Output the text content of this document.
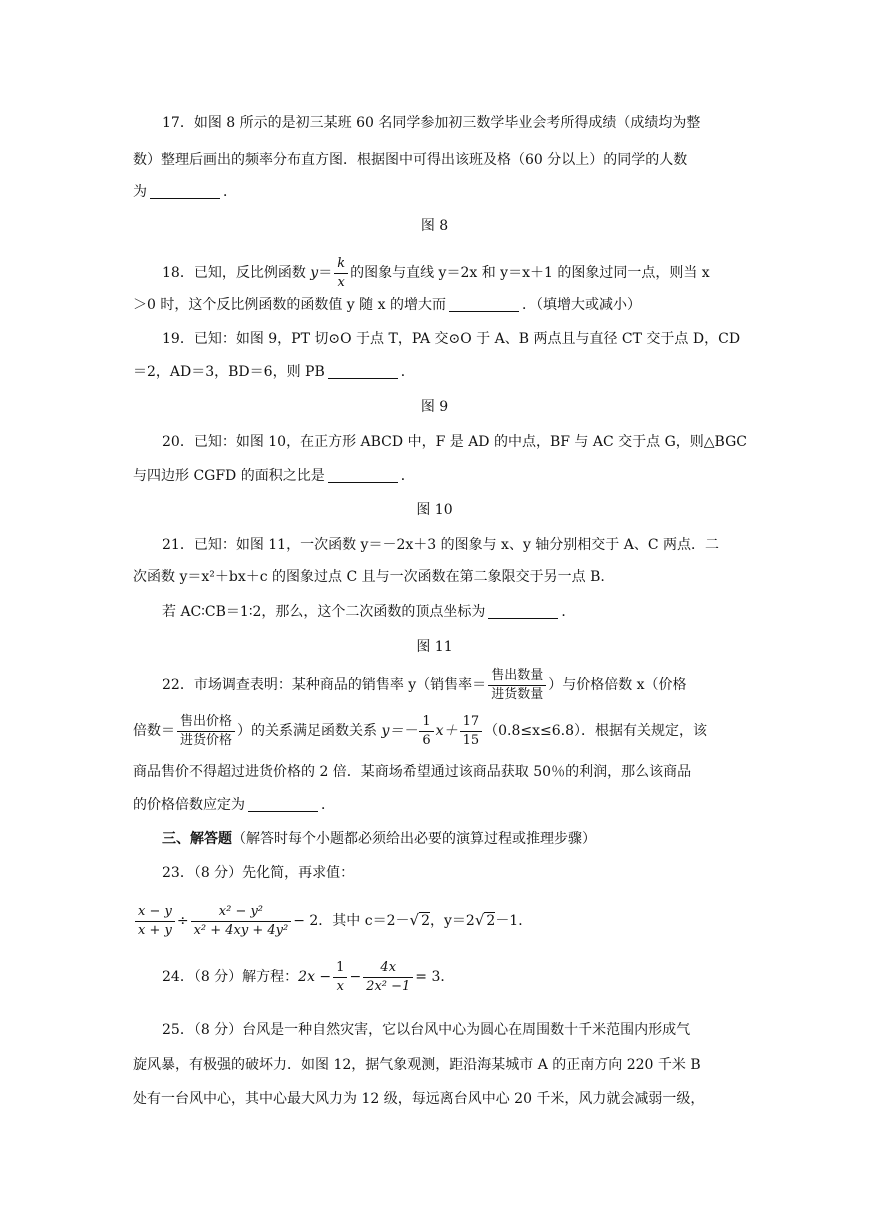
17．如图 8 所示的是初三某班 60 名同学参加初三数学毕业会考所得成绩（成绩均为整
数）整理后画出的频率分布直方图．根据图中可得出该班及格（60 分以上）的同学的人数
为	．
图 8
18．已知，反比例函数 $y= \frac{k}{x}$ 的图象与直线 y＝2x 和 y＝x＋1 的图象过同一点，则当 x
＞0 时，这个反比例函数的函数值 y 随 x 的增大而	．（填增大或减小）
19．已知：如图 9，PT 切⊙O 于点 T，PA 交⊙O 于 A、B 两点且与直径 CT 交于点 D，CD
＝2，AD＝3，BD＝6，则 PB	．
图 9
20．已知：如图 10，在正方形 ABCD 中，F 是 AD 的中点，BF 与 AC 交于点 G，则△BGC
与四边形 CGFD 的面积之比是	．
图 10
21．已知：如图 11，一次函数 y＝－2x＋3 的图象与 x、y 轴分别相交于 A、C 两点．二
次函数 y＝x²＋bx＋c 的图象过点 C 且与一次函数在第二象限交于另一点 B.
若 AC∶CB＝1∶2，那么，这个二次函数的顶点坐标为	．
图 11
22．市场调查表明：某种商品的销售率 y（销售率＝ $\frac{\text{售出数量}}{\text{进货数量}}$ ）与价格倍数 x（价格
倍数＝ $\frac{\text{售出价格}}{\text{进货价格}}$ ）的关系满足函数关系 $y=- \frac{1}{6} x+ \frac{17}{15} (0.8\le x\le 6.8)$．根据有关规定，该
商品售价不得超过进货价格的 2 倍．某商场希望通过该商品获取 50％的利润，那么该商品
的价格倍数应定为	．
三、解答题（解答时每个小题都必须给出必要的演算过程或推理步骤）
23．（8 分）先化简，再求值：
$\frac{x - y}{x + y} \div \frac{\text{x² − y²}}{\text{x² + 4xy + 4y²}} - 2$．其中 c＝2－√ 2，y＝2√ 2－1．
24．（8 分）解方程：$2x - \frac{1}{x} - \frac{4x}{\text{2x² −1}} = 3$．
25．（8 分）台风是一种自然灾害，它以台风中心为圆心在周围数十千米范围内形成气
旋风暴，有极强的破坏力．如图 12，据气象观测，距沿海某城市 A 的正南方向 220 千米 B
处有一台风中心，其中心最大风力为 12 级，每远离台风中心 20 千米，风力就会减弱一级，
